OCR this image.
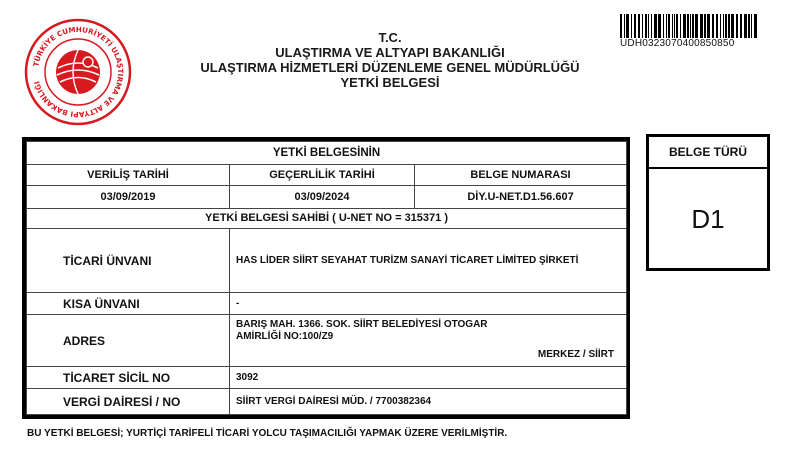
TÜRKİYE CUMHURİYETİ ULAŞTIRMA VE ALTYAPI BAKANLIĞI
T.C.
ULAŞTIRMA VE ALTYAPI BAKANLIĞI
ULAŞTIRMA HİZMETLERİ DÜZENLEME GENEL MÜDÜRLÜĞÜ
YETKİ BELGESİ
UDH0323070400850850
YETKİ BELGESİNİN		
VERİLİŞ TARİHİ	GEÇERLİLİK TARİHİ	BELGE NUMARASI
03/09/2019	03/09/2024	DİY.U-NET.D1.56.607
YETKİ BELGESİ SAHİBİ ( U-NET NO = 315371 )		
TİCARİ ÜNVANI	HAS LİDER SİİRT SEYAHAT TURİZM SANAYİ TİCARET LİMİTED ŞİRKETİ	
KISA ÜNVANI	-	
ADRES	BARIŞ MAH. 1366. SOK. SİİRT BELEDİYESİ OTOGAR
AMİRLİĞİ NO:100/Z9
MERKEZ / SİİRT	

TİCARET SİCİL NO	3092	
VERGİ DAİRESİ / NO	SİİRT VERGİ DAİRESİ MÜD. / 7700382364	
BELGE TÜRÜ
D1
BU YETKİ BELGESİ; YURTİÇİ TARİFELİ TİCARİ YOLCU TAŞIMACILIĞI YAPMAK ÜZERE VERİLMİŞTİR.
